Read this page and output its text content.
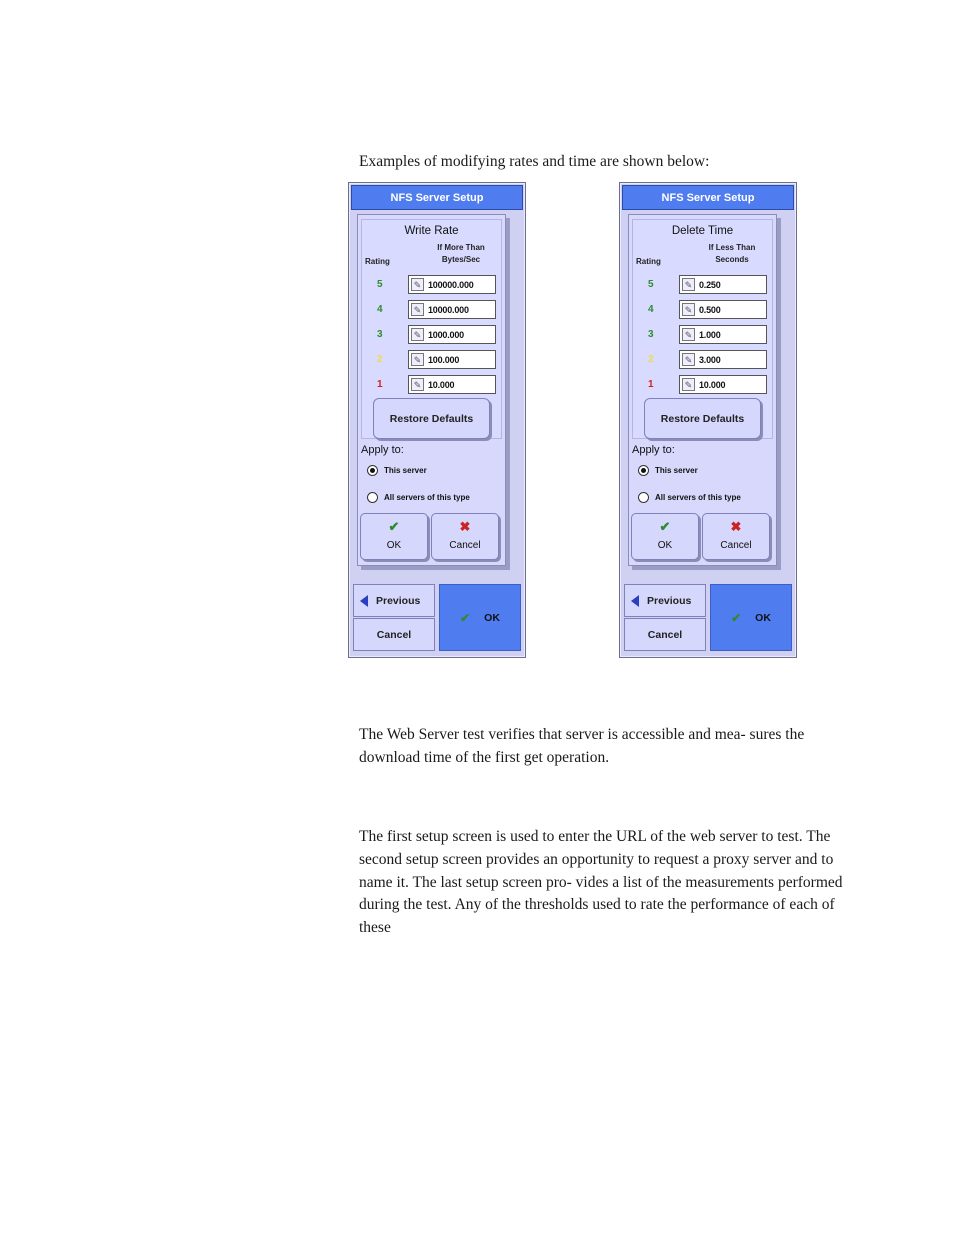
Examples of modifying rates and time are shown below:

NFS Server Setup
Write Rate
Rating
If More Than
Bytes/Sec
5	✎ 100000.000
4	✎ 10000.000
3	✎ 1000.000
2	✎ 100.000
1	✎ 10.000
Restore Defaults
Apply to:
This server
All servers of this type
✔
OK
✖
Cancel
Previous
Cancel
✔ OK
NFS Server Setup
Delete Time
Rating
If Less Than
Seconds
5	✎ 0.250
4	✎ 0.500
3	✎ 1.000
2	✎ 3.000
1	✎ 10.000
Restore Defaults
Apply to:
This server
All servers of this type
✔
OK
✖
Cancel
Previous
Cancel
✔ OK

The Web Server test verifies that server is accessible and mea- sures the download time of the first get operation.

The first setup screen is used to enter the URL of the web server to test. The second setup screen provides an opportunity to request a proxy server and to name it. The last setup screen pro- vides a list of the measurements performed during the test. Any of the thresholds used to rate the performance of each of these
